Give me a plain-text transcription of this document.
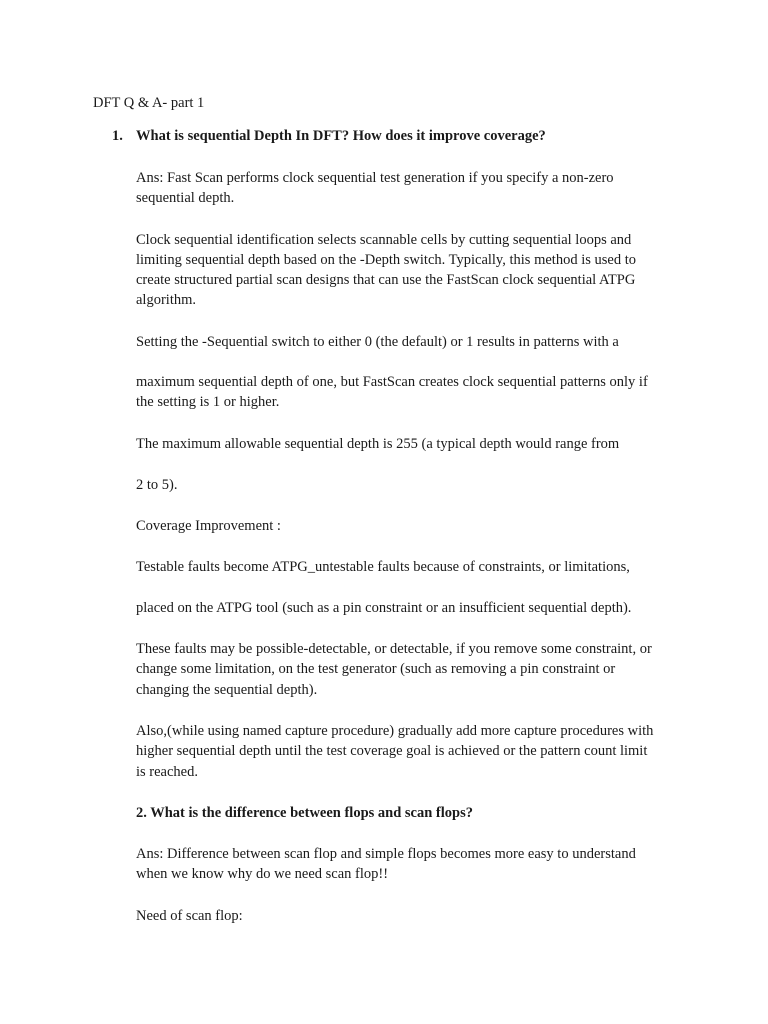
DFT Q & A- part 1
1. What is sequential Depth In DFT? How does it improve coverage?
Ans: Fast Scan performs clock sequential test generation if you specify a non-zero
sequential depth.
Clock sequential identification selects scannable cells by cutting sequential loops and
limiting sequential depth based on the -Depth switch. Typically, this method is used to
create structured partial scan designs that can use the FastScan clock sequential ATPG
algorithm.
Setting the -Sequential switch to either 0 (the default) or 1 results in patterns with a
maximum sequential depth of one, but FastScan creates clock sequential patterns only if
the setting is 1 or higher.
The maximum allowable sequential depth is 255 (a typical depth would range from
2 to 5).
Coverage Improvement :
Testable faults become ATPG_untestable faults because of constraints, or limitations,
placed on the ATPG tool (such as a pin constraint or an insufficient sequential depth).
These faults may be possible-detectable, or detectable, if you remove some constraint, or
change some limitation, on the test generator (such as removing a pin constraint or
changing the sequential depth).
Also,(while using named capture procedure) gradually add more capture procedures with
higher sequential depth until the test coverage goal is achieved or the pattern count limit
is reached.
2. What is the difference between flops and scan flops?
Ans: Difference between scan flop and simple flops becomes more easy to understand
when we know why do we need scan flop!!
Need of scan flop:
